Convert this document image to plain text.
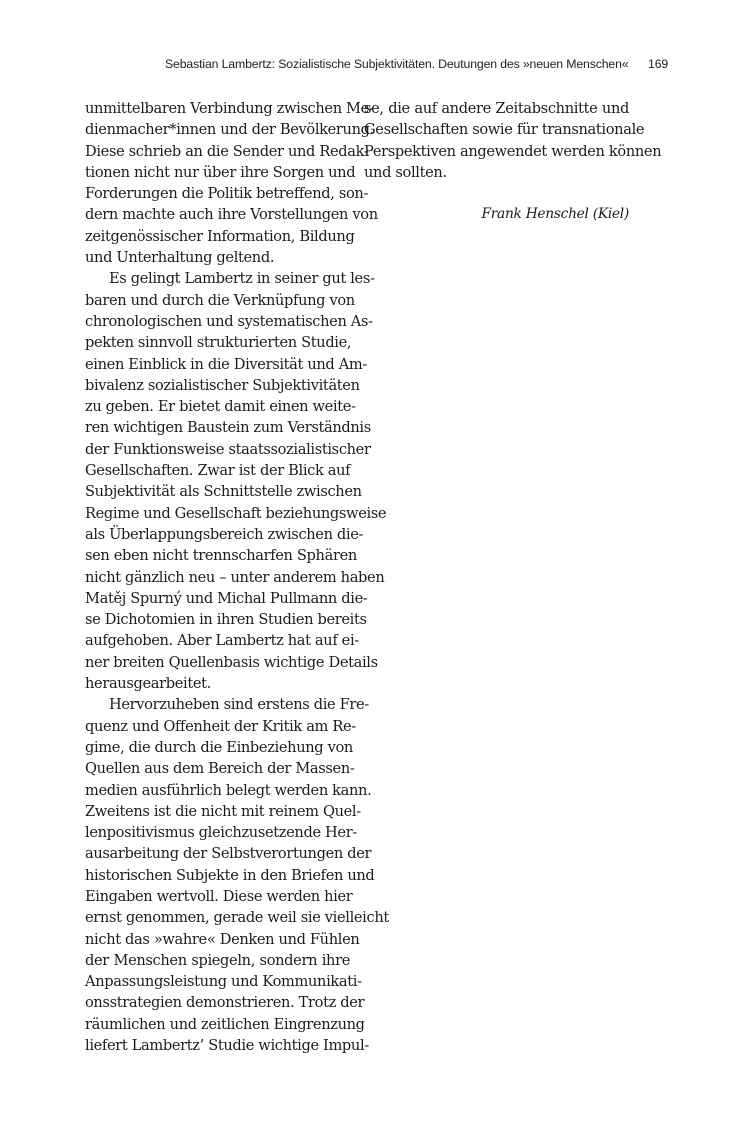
Sebastian Lambertz: Sozialistische Subjektivitäten. Deutungen des »neuen Menschen« 169
unmittelbaren Verbindung zwischen Me-
dienmacher*innen und der Bevölkerung.
Diese schrieb an die Sender und Redak-
tionen nicht nur über ihre Sorgen und
Forderungen die Politik betreffend, son-
dern machte auch ihre Vorstellungen von
zeitgenössischer Information, Bildung
und Unterhaltung geltend.
Es gelingt Lambertz in seiner gut les-
baren und durch die Verknüpfung von
chronologischen und systematischen As-
pekten sinnvoll strukturierten Studie,
einen Einblick in die Diversität und Am-
bivalenz sozialistischer Subjektivitäten
zu geben. Er bietet damit einen weite-
ren wichtigen Baustein zum Verständnis
der Funktionsweise staatssozialistischer
Gesellschaften. Zwar ist der Blick auf
Subjektivität als Schnittstelle zwischen
Regime und Gesellschaft beziehungsweise
als Überlappungsbereich zwischen die-
sen eben nicht trennscharfen Sphären
nicht gänzlich neu – unter anderem haben
Matěj Spurný und Michal Pullmann die-
se Dichotomien in ihren Studien bereits
aufgehoben. Aber Lambertz hat auf ei-
ner breiten Quellenbasis wichtige Details
herausgearbeitet.
Hervorzuheben sind erstens die Fre-
quenz und Offenheit der Kritik am Re-
gime, die durch die Einbeziehung von
Quellen aus dem Bereich der Massen-
medien ausführlich belegt werden kann.
Zweitens ist die nicht mit reinem Quel-
lenpositivismus gleichzusetzende Her-
ausarbeitung der Selbstverortungen der
historischen Subjekte in den Briefen und
Eingaben wertvoll. Diese werden hier
ernst genommen, gerade weil sie vielleicht
nicht das »wahre« Denken und Fühlen
der Menschen spiegeln, sondern ihre
Anpassungsleistung und Kommunikati-
onsstrategien demonstrieren. Trotz der
räumlichen und zeitlichen Eingrenzung
liefert Lambertz’ Studie wichtige Impul-
se, die auf andere Zeitabschnitte und
Gesellschaften sowie für transnationale
Perspektiven angewendet werden können
und sollten.
Frank Henschel (Kiel)
